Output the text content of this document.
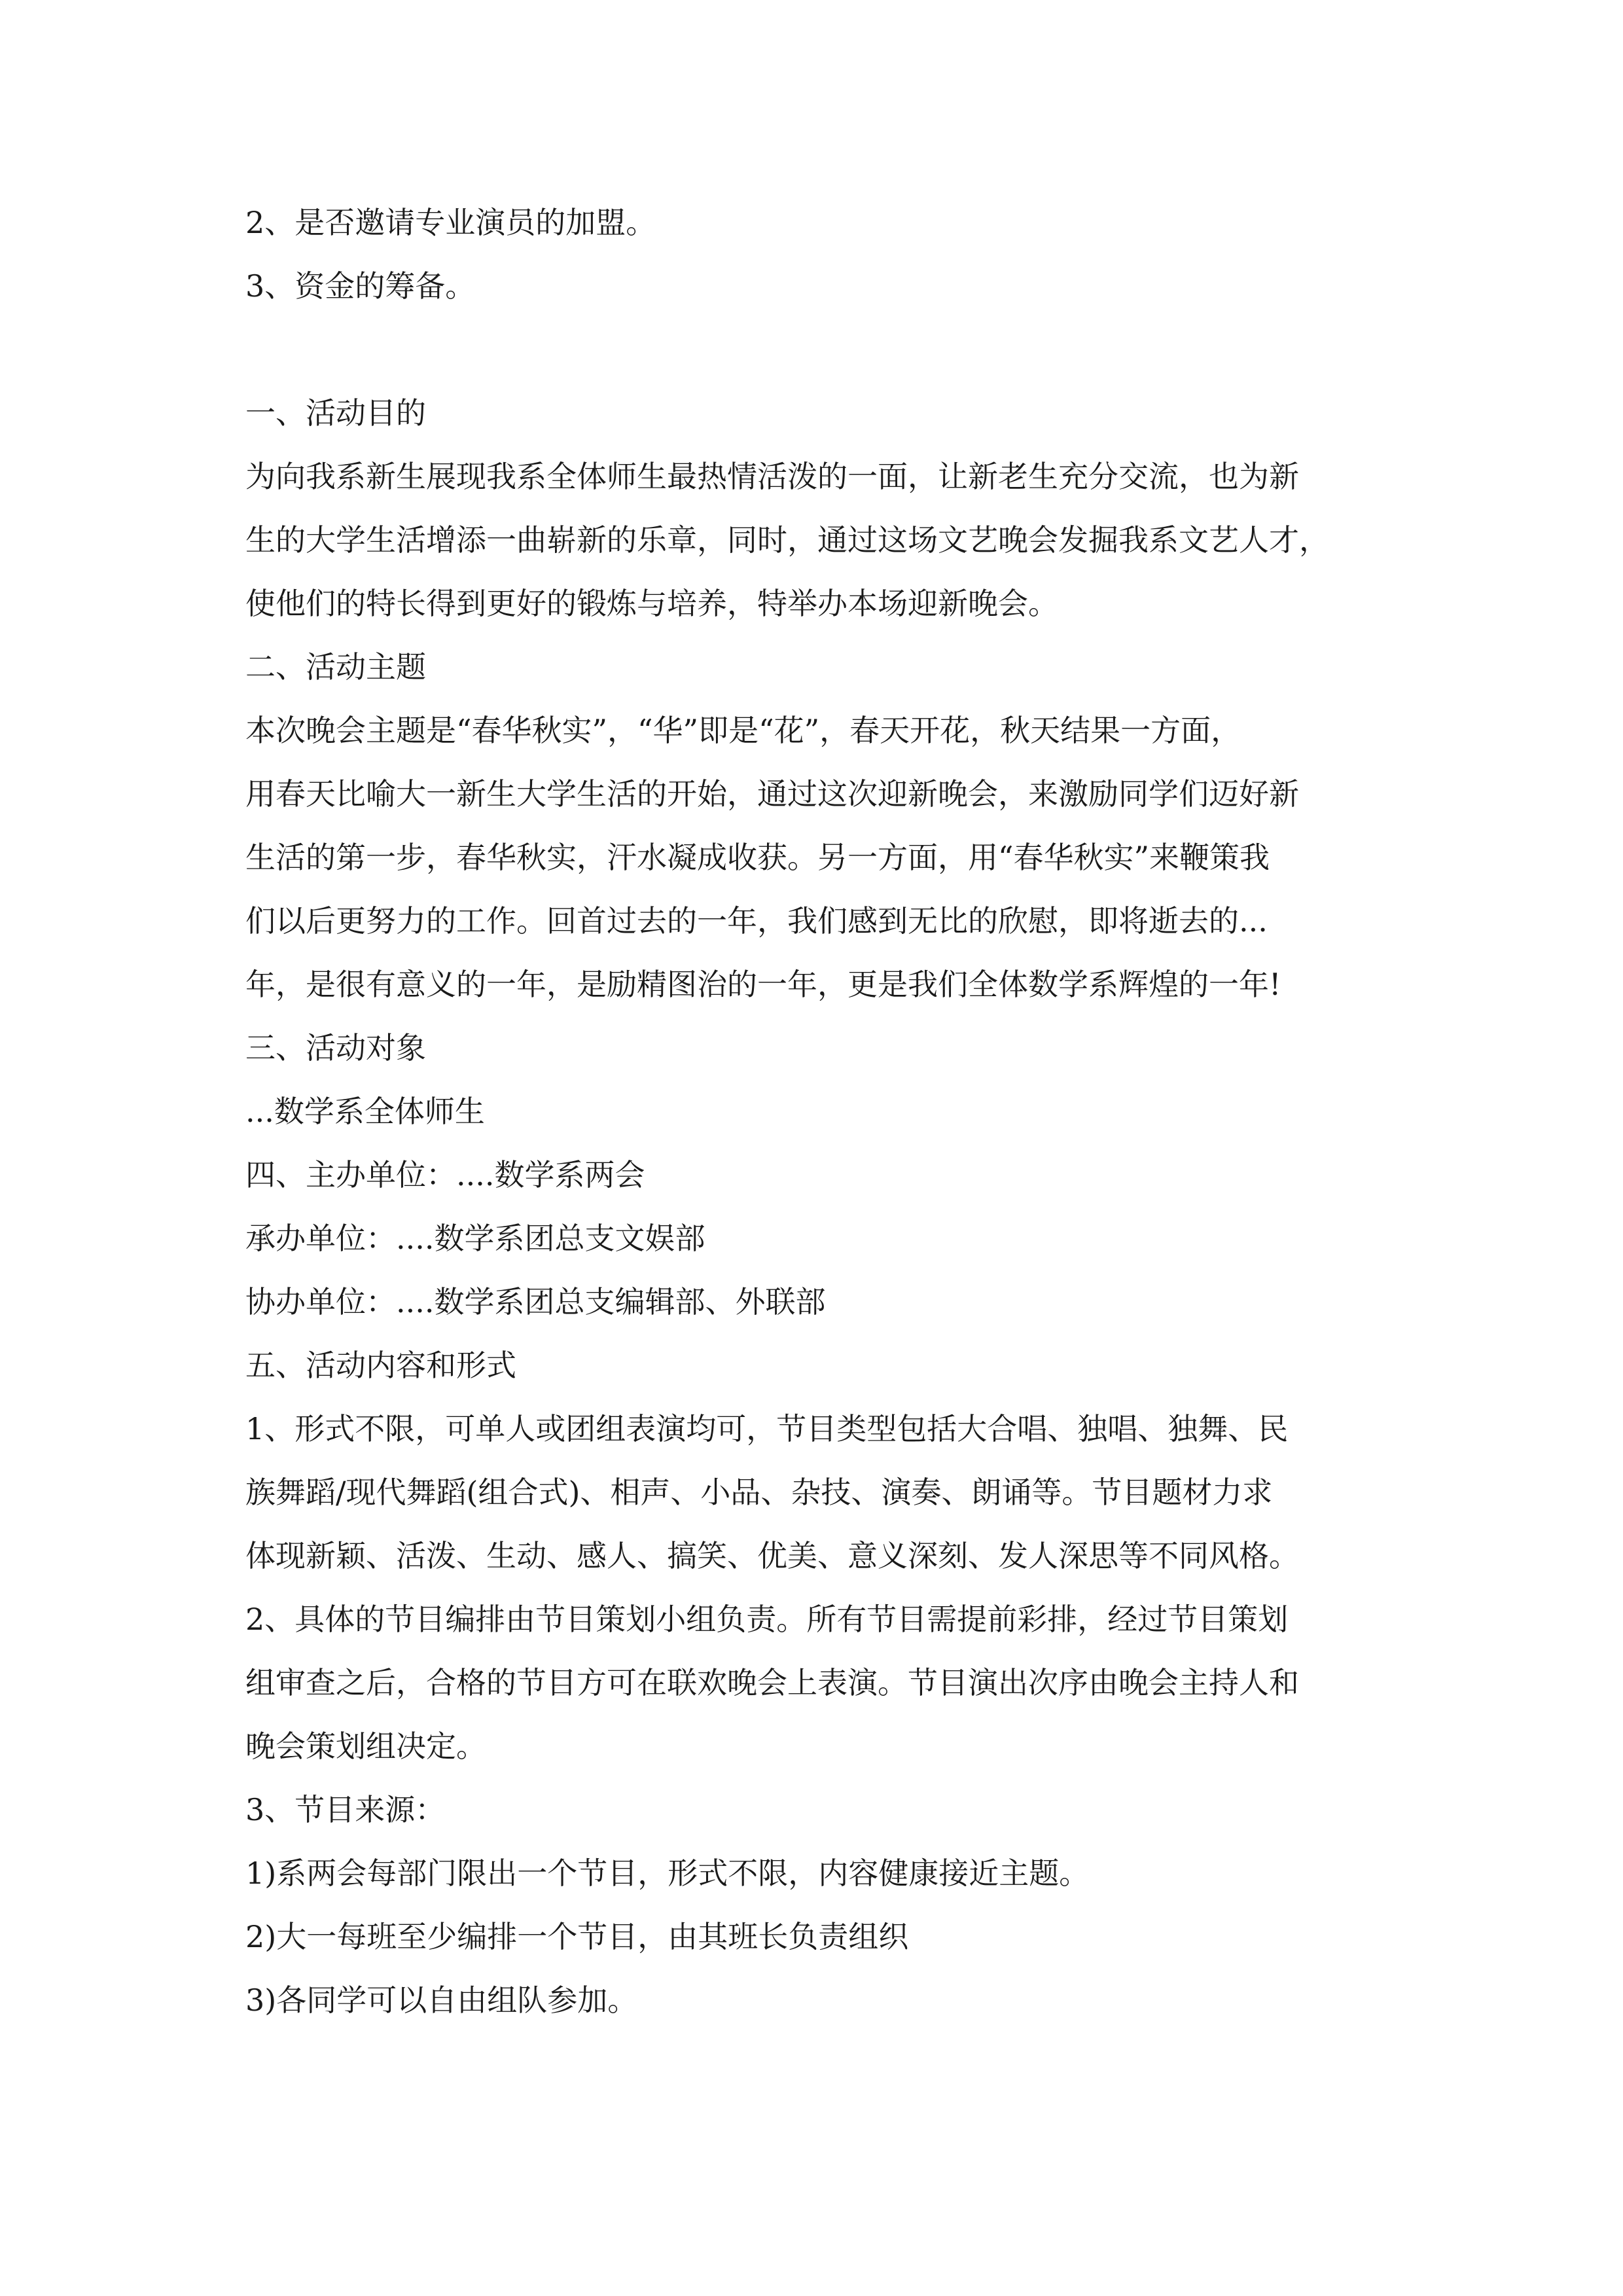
2、是否邀请专业演员的加盟。
3、资金的筹备。
一、活动目的
为向我系新生展现我系全体师生最热情活泼的一面，让新老生充分交流，也为新
生的大学生活增添一曲崭新的乐章，同时，通过这场文艺晚会发掘我系文艺人才，
使他们的特长得到更好的锻炼与培养，特举办本场迎新晚会。
二、活动主题
本次晚会主题是“春华秋实”，“华”即是“花”，春天开花，秋天结果一方面，
用春天比喻大一新生大学生活的开始，通过这次迎新晚会，来激励同学们迈好新
生活的第一步，春华秋实，汗水凝成收获。另一方面，用“春华秋实”来鞭策我
们以后更努力的工作。回首过去的一年，我们感到无比的欣慰，即将逝去的...
年，是很有意义的一年，是励精图治的一年，更是我们全体数学系辉煌的一年!
三、活动对象
...数学系全体师生
四、主办单位：....数学系两会
承办单位：....数学系团总支文娱部
协办单位：....数学系团总支编辑部、外联部
五、活动内容和形式
1、形式不限，可单人或团组表演均可，节目类型包括大合唱、独唱、独舞、民
族舞蹈/现代舞蹈(组合式)、相声、小品、杂技、演奏、朗诵等。节目题材力求
体现新颖、活泼、生动、感人、搞笑、优美、意义深刻、发人深思等不同风格。
2、具体的节目编排由节目策划小组负责。所有节目需提前彩排，经过节目策划
组审查之后，合格的节目方可在联欢晚会上表演。节目演出次序由晚会主持人和
晚会策划组决定。
3、节目来源：
1)系两会每部门限出一个节目，形式不限，内容健康接近主题。
2)大一每班至少编排一个节目，由其班长负责组织
3)各同学可以自由组队参加。
